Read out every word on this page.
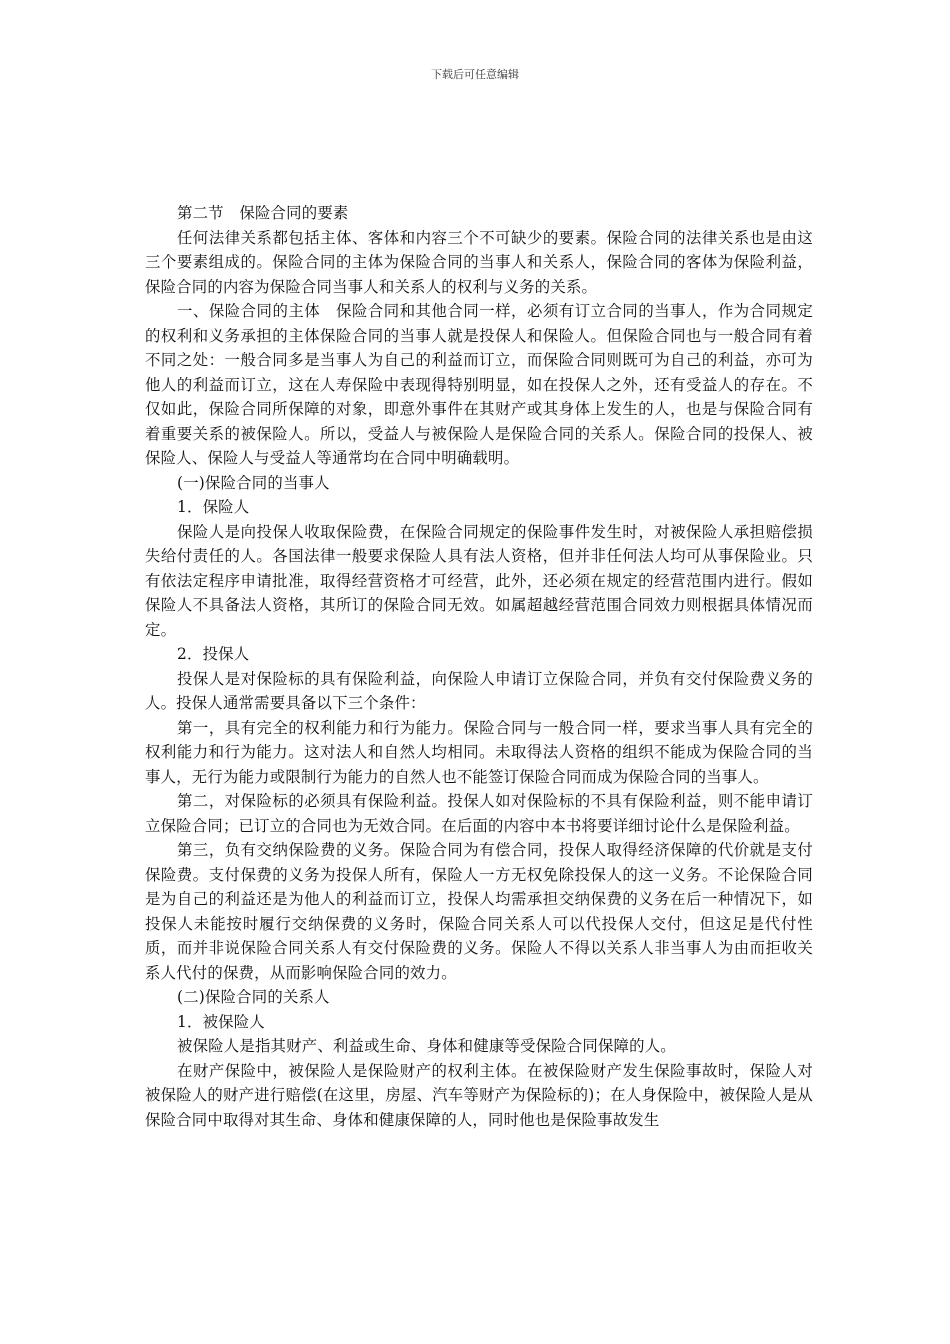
下载后可任意编辑

第二节　保险合同的要素

任何法律关系都包括主体、客体和内容三个不可缺少的要素。保险合同的法律关系也是由这三个要素组成的。保险合同的主体为保险合同的当事人和关系人，保险合同的客体为保险利益，保险合同的内容为保险合同当事人和关系人的权利与义务的关系。

一、保险合同的主体　保险合同和其他合同一样，必须有订立合同的当事人，作为合同规定的权利和义务承担的主体保险合同的当事人就是投保人和保险人。但保险合同也与一般合同有着不同之处：一般合同多是当事人为自己的利益而订立，而保险合同则既可为自己的利益，亦可为他人的利益而订立，这在人寿保险中表现得特别明显，如在投保人之外，还有受益人的存在。不仅如此，保险合同所保障的对象，即意外事件在其财产或其身体上发生的人，也是与保险合同有着重要关系的被保险人。所以，受益人与被保险人是保险合同的关系人。保险合同的投保人、被保险人、保险人与受益人等通常均在合同中明确载明。

(一)保险合同的当事人

1．保险人

保险人是向投保人收取保险费，在保险合同规定的保险事件发生时，对被保险人承担赔偿损失给付责任的人。各国法律一般要求保险人具有法人资格，但并非任何法人均可从事保险业。只有依法定程序申请批准，取得经营资格才可经营，此外，还必须在规定的经营范围内进行。假如保险人不具备法人资格，其所订的保险合同无效。如属超越经营范围合同效力则根据具体情况而定。

2．投保人

投保人是对保险标的具有保险利益，向保险人申请订立保险合同，并负有交付保险费义务的人。投保人通常需要具备以下三个条件：

第一，具有完全的权利能力和行为能力。保险合同与一般合同一样，要求当事人具有完全的权利能力和行为能力。这对法人和自然人均相同。未取得法人资格的组织不能成为保险合同的当事人，无行为能力或限制行为能力的自然人也不能签订保险合同而成为保险合同的当事人。

第二，对保险标的必须具有保险利益。投保人如对保险标的不具有保险利益，则不能申请订立保险合同；已订立的合同也为无效合同。在后面的内容中本书将要详细讨论什么是保险利益。

第三，负有交纳保险费的义务。保险合同为有偿合同，投保人取得经济保障的代价就是支付保险费。支付保费的义务为投保人所有，保险人一方无权免除投保人的这一义务。不论保险合同是为自己的利益还是为他人的利益而订立，投保人均需承担交纳保费的义务在后一种情况下，如投保人未能按时履行交纳保费的义务时，保险合同关系人可以代投保人交付，但这足是代付性质，而并非说保险合同关系人有交付保险费的义务。保险人不得以关系人非当事人为由而拒收关系人代付的保费，从而影响保险合同的效力。

(二)保险合同的关系人

1．被保险人

被保险人是指其财产、利益或生命、身体和健康等受保险合同保障的人。

在财产保险中，被保险人是保险财产的权利主体。在被保险财产发生保险事故时，保险人对被保险人的财产进行赔偿(在这里，房屋、汽车等财产为保险标的)；在人身保险中，被保险人是从保险合同中取得对其生命、身体和健康保障的人，同时他也是保险事故发生
